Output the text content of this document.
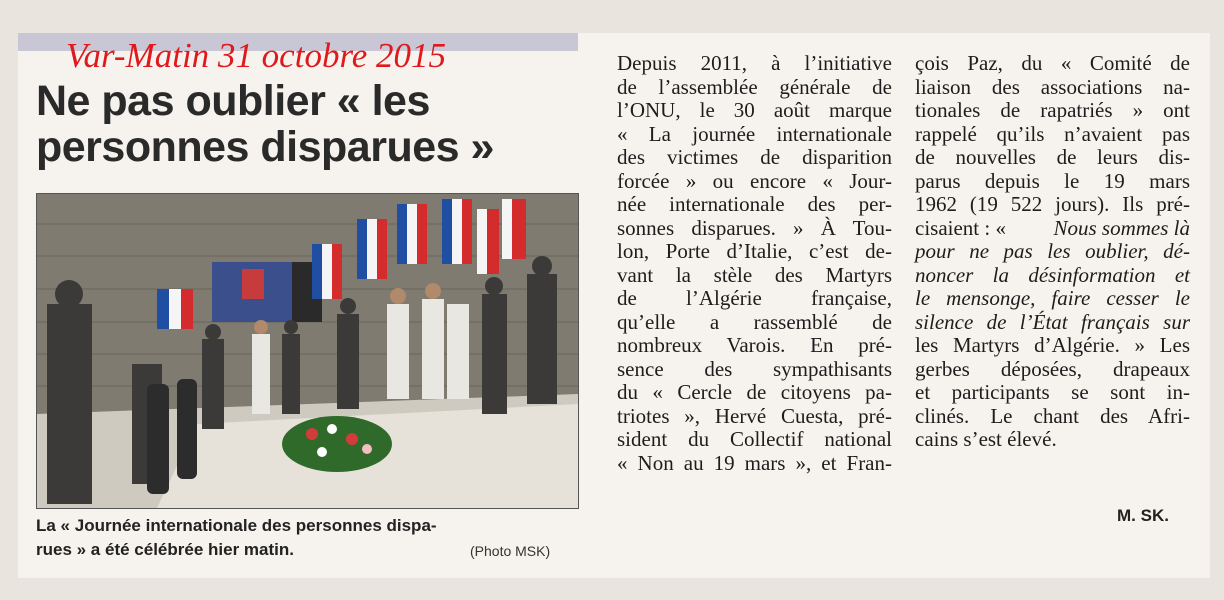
Var-Matin 31 octobre 2015
Ne pas oublier « les
personnes disparues »
La « Journée internationale des personnes dispa-
rues » a été célébrée hier matin.	(Photo MSK)
Depuis 2011, à l’initiative
de l’assemblée générale de
l’ONU, le 30 août marque
« La journée internationale
des victimes de disparition
forcée » ou encore « Jour-
née internationale des per-
sonnes disparues. » À Tou-
lon, Porte d’Italie, c’est de-
vant la stèle des Martyrs
de l’Algérie française,
qu’elle a rassemblé de
nombreux Varois. En pré-
sence des sympathisants
du « Cercle de citoyens pa-
triotes », Hervé Cuesta, pré-
sident du Collectif national
« Non au 19 mars », et Fran-
çois Paz, du « Comité de
liaison des associations na-
tionales de rapatriés » ont
rappelé qu’ils n’avaient pas
de nouvelles de leurs dis-
parus depuis le 19 mars
1962 (19 522 jours). Ils pré-
cisaient : « Nous sommes là
pour ne pas les oublier, dé-
noncer la désinformation et
le mensonge, faire cesser le
silence de l’État français sur
les Martyrs d’Algérie. » Les
gerbes déposées, drapeaux
et participants se sont in-
clinés. Le chant des Afri-
cains s’est élevé.
M. SK.
